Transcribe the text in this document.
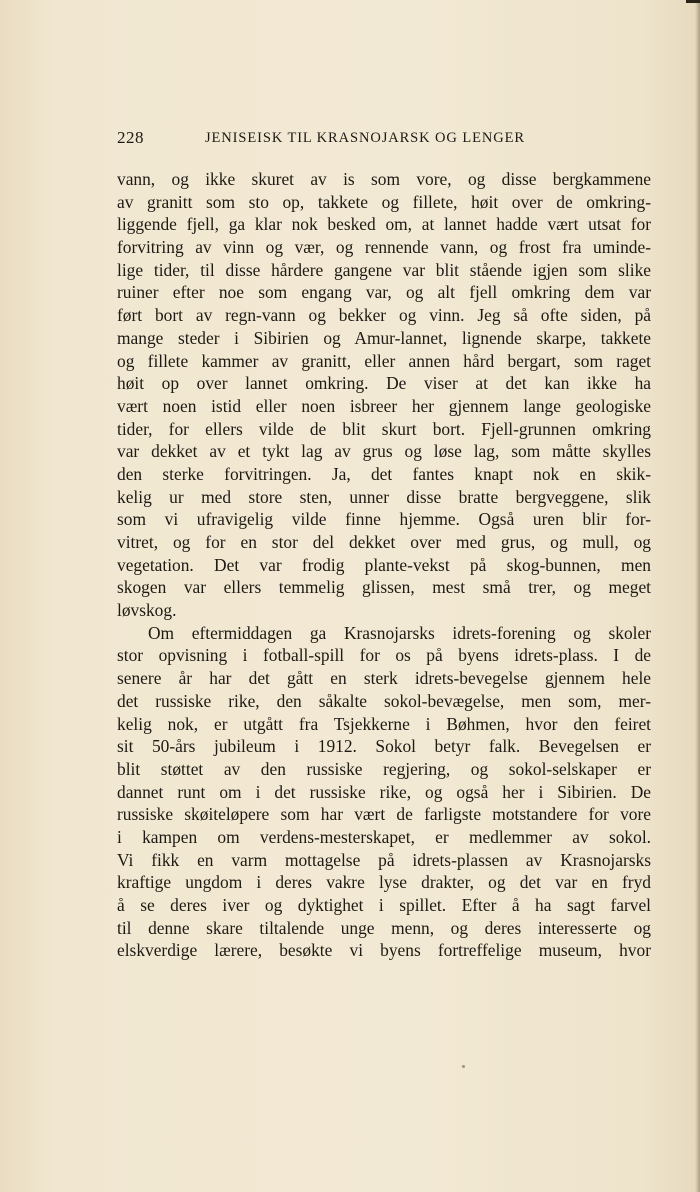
228	JENISEISK TIL KRASNOJARSK OG LENGER
vann, og ikke skuret av is som vore, og disse bergkammene
av granitt som sto op, takkete og fillete, høit over de omkring-
liggende fjell, ga klar nok besked om, at lannet hadde vært utsat for
forvitring av vinn og vær, og rennende vann, og frost fra uminde-
lige tider, til disse hårdere gangene var blit stående igjen som slike
ruiner efter noe som engang var, og alt fjell omkring dem var
ført bort av regn-vann og bekker og vinn. Jeg så ofte siden, på
mange steder i Sibirien og Amur-lannet, lignende skarpe, takkete
og fillete kammer av granitt, eller annen hård bergart, som raget
høit op over lannet omkring. De viser at det kan ikke ha
vært noen istid eller noen isbreer her gjennem lange geologiske
tider, for ellers vilde de blit skurt bort. Fjell-grunnen omkring
var dekket av et tykt lag av grus og løse lag, som måtte skylles
den sterke forvitringen. Ja, det fantes knapt nok en skik-
kelig ur med store sten, unner disse bratte bergveggene, slik
som vi ufravigelig vilde finne hjemme. Også uren blir for-
vitret, og for en stor del dekket over med grus, og mull, og
vegetation. Det var frodig plante-vekst på skog-bunnen, men
skogen var ellers temmelig glissen, mest små trer, og meget
løvskog.
Om eftermiddagen ga Krasnojarsks idrets-forening og skoler
stor opvisning i fotball-spill for os på byens idrets-plass. I de
senere år har det gått en sterk idrets-bevegelse gjennem hele
det russiske rike, den såkalte sokol-bevægelse, men som, mer-
kelig nok, er utgått fra Tsjekkerne i Bøhmen, hvor den feiret
sit 50-års jubileum i 1912. Sokol betyr falk. Bevegelsen er
blit støttet av den russiske regjering, og sokol-selskaper er
dannet runt om i det russiske rike, og også her i Sibirien. De
russiske skøiteløpere som har vært de farligste motstandere for vore
i kampen om verdens-mesterskapet, er medlemmer av sokol.
Vi fikk en varm mottagelse på idrets-plassen av Krasnojarsks
kraftige ungdom i deres vakre lyse drakter, og det var en fryd
å se deres iver og dyktighet i spillet. Efter å ha sagt farvel
til denne skare tiltalende unge menn, og deres interesserte og
elskverdige lærere, besøkte vi byens fortreffelige museum, hvor
